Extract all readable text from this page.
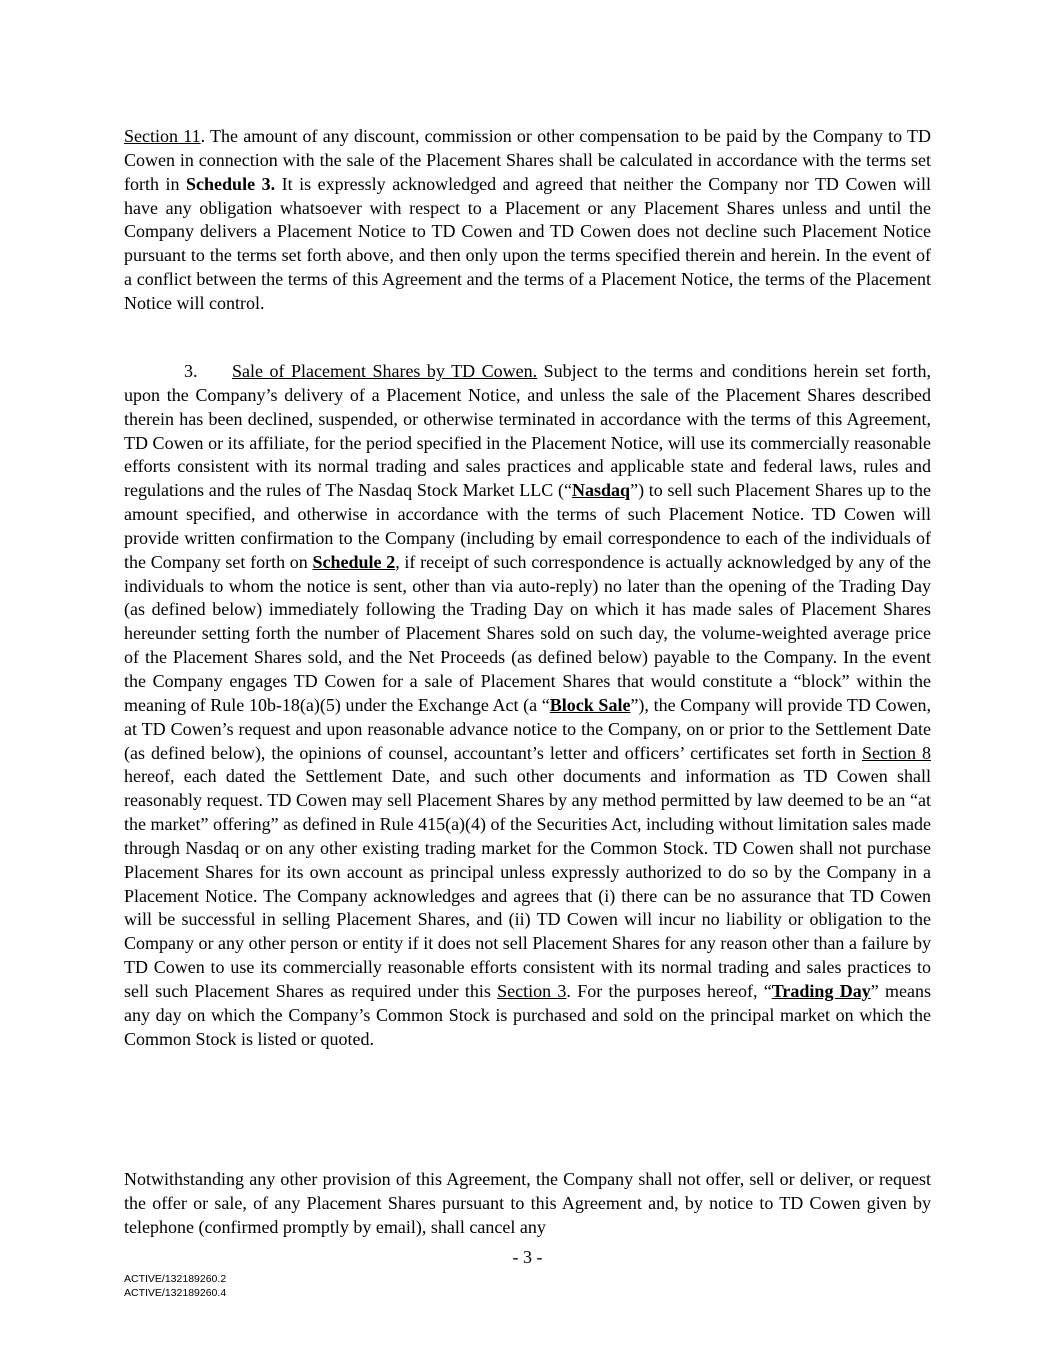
Section 11. The amount of any discount, commission or other compensation to be paid by the Company to TD Cowen in connection with the sale of the Placement Shares shall be calculated in accordance with the terms set forth in Schedule 3. It is expressly acknowledged and agreed that neither the Company nor TD Cowen will have any obligation whatsoever with respect to a Placement or any Placement Shares unless and until the Company delivers a Placement Notice to TD Cowen and TD Cowen does not decline such Placement Notice pursuant to the terms set forth above, and then only upon the terms specified therein and herein. In the event of a conflict between the terms of this Agreement and the terms of a Placement Notice, the terms of the Placement Notice will control.

3. Sale of Placement Shares by TD Cowen. Subject to the terms and conditions herein set forth, upon the Company’s delivery of a Placement Notice, and unless the sale of the Placement Shares described therein has been declined, suspended, or otherwise terminated in accordance with the terms of this Agreement, TD Cowen or its affiliate, for the period specified in the Placement Notice, will use its commercially reasonable efforts consistent with its normal trading and sales practices and applicable state and federal laws, rules and regulations and the rules of The Nasdaq Stock Market LLC (“Nasdaq”) to sell such Placement Shares up to the amount specified, and otherwise in accordance with the terms of such Placement Notice. TD Cowen will provide written confirmation to the Company (including by email correspondence to each of the individuals of the Company set forth on Schedule 2, if receipt of such correspondence is actually acknowledged by any of the individuals to whom the notice is sent, other than via auto-reply) no later than the opening of the Trading Day (as defined below) immediately following the Trading Day on which it has made sales of Placement Shares hereunder setting forth the number of Placement Shares sold on such day, the volume-weighted average price of the Placement Shares sold, and the Net Proceeds (as defined below) payable to the Company. In the event the Company engages TD Cowen for a sale of Placement Shares that would constitute a “block” within the meaning of Rule 10b-18(a)(5) under the Exchange Act (a “Block Sale”), the Company will provide TD Cowen, at TD Cowen’s request and upon reasonable advance notice to the Company, on or prior to the Settlement Date (as defined below), the opinions of counsel, accountant’s letter and officers’ certificates set forth in Section 8 hereof, each dated the Settlement Date, and such other documents and information as TD Cowen shall reasonably request. TD Cowen may sell Placement Shares by any method permitted by law deemed to be an “at the market” offering” as defined in Rule 415(a)(4) of the Securities Act, including without limitation sales made through Nasdaq or on any other existing trading market for the Common Stock. TD Cowen shall not purchase Placement Shares for its own account as principal unless expressly authorized to do so by the Company in a Placement Notice. The Company acknowledges and agrees that (i) there can be no assurance that TD Cowen will be successful in selling Placement Shares, and (ii) TD Cowen will incur no liability or obligation to the Company or any other person or entity if it does not sell Placement Shares for any reason other than a failure by TD Cowen to use its commercially reasonable efforts consistent with its normal trading and sales practices to sell such Placement Shares as required under this Section 3. For the purposes hereof, “Trading Day” means any day on which the Company’s Common Stock is purchased and sold on the principal market on which the Common Stock is listed or quoted.

Notwithstanding any other provision of this Agreement, the Company shall not offer, sell or deliver, or request the offer or sale, of any Placement Shares pursuant to this Agreement and, by notice to TD Cowen given by telephone (confirmed promptly by email), shall cancel any

- 3 -
ACTIVE/132189260.2
ACTIVE/132189260.4
